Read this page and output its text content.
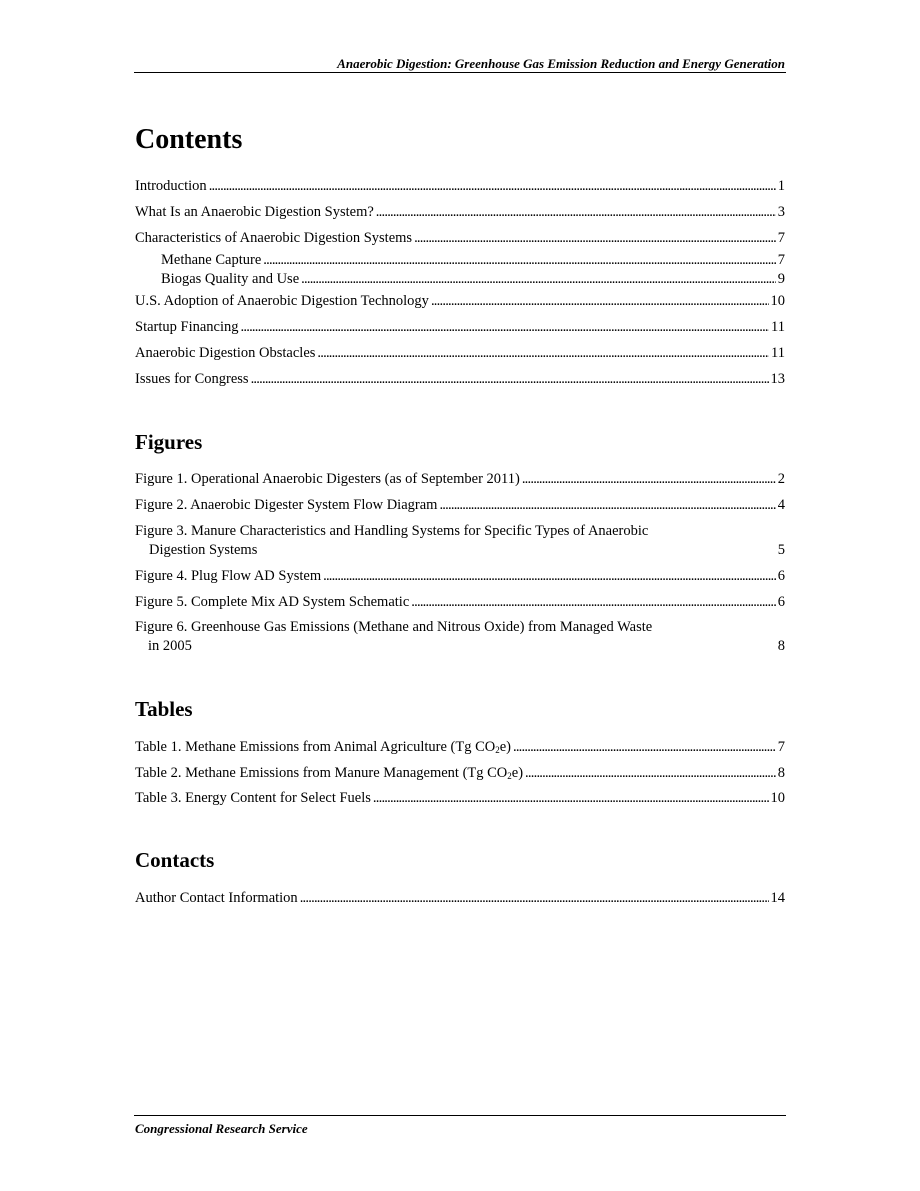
Anaerobic Digestion: Greenhouse Gas Emission Reduction and Energy Generation
Contents
Introduction . . .	1
What Is an Anaerobic Digestion System? . . .	3
Characteristics of Anaerobic Digestion Systems . . .	7
Methane Capture . . .	7
Biogas Quality and Use . . .	9
U.S. Adoption of Anaerobic Digestion Technology . . .	10
Startup Financing . . .	11
Anaerobic Digestion Obstacles . . .	11
Issues for Congress . . .	13
Figures
Figure 1. Operational Anaerobic Digesters (as of September 2011) . . .	2
Figure 2. Anaerobic Digester System Flow Diagram . . .	4
Figure 3. Manure Characteristics and Handling Systems for Specific Types of Anaerobic
Digestion Systems	5
Figure 4. Plug Flow AD System . . .	6
Figure 5. Complete Mix AD System Schematic . . .	6
Figure 6. Greenhouse Gas Emissions (Methane and Nitrous Oxide) from Managed Waste
in 2005	8
Tables
Table 1. Methane Emissions from Animal Agriculture (Tg $CO_2e$) . . .	7
Table 2. Methane Emissions from Manure Management (Tg $CO_2e$) . . .	8
Table 3. Energy Content for Select Fuels . . .	10
Contacts
Author Contact Information . . .	14
Congressional Research Service
